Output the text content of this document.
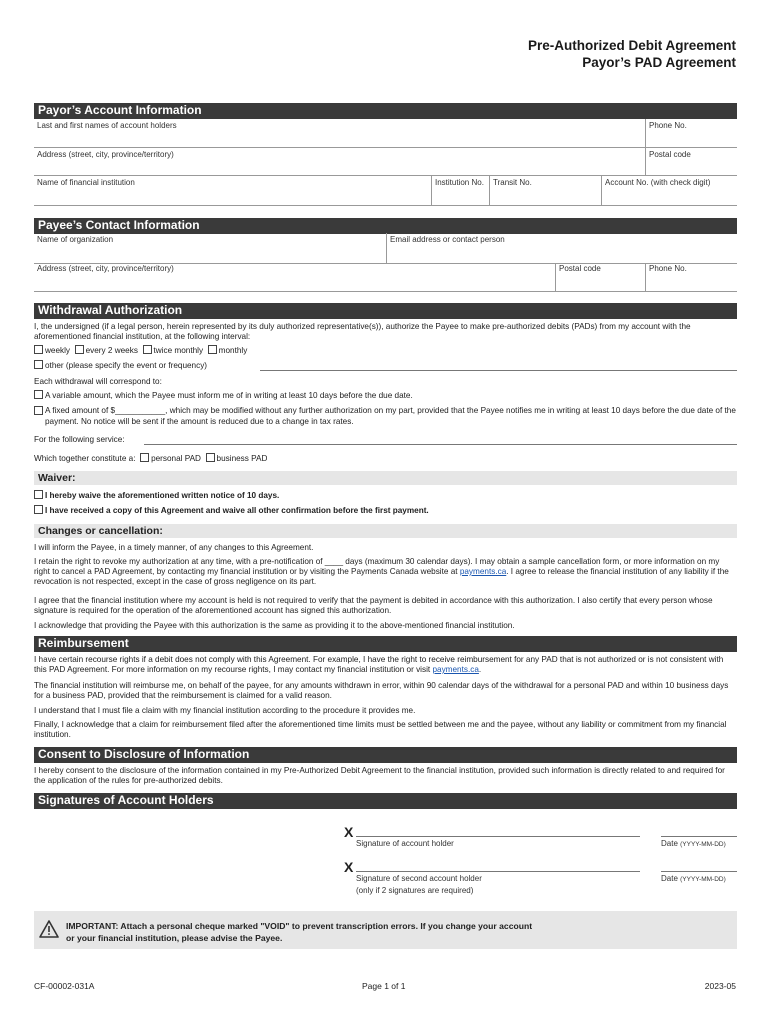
Pre-Authorized Debit Agreement
Payor’s PAD Agreement
Payor’s Account Information
Last and first names of account holders	Phone No.
Address (street, city, province/territory)	Postal code
Name of financial institution	Institution No. Transit No.	Account No. (with check digit)
Payee’s Contact Information
Name of organization	Email address or contact person
Address (street, city, province/territory)	Postal code	Phone No.
Withdrawal Authorization
I, the undersigned (if a legal person, herein represented by its duly authorized representative(s)), authorize the Payee to make pre-authorized debits (PADs) from my account with the aforementioned financial institution, at the following interval:
weekly every 2 weeks twice monthly monthly
other (please specify the event or frequency)
Each withdrawal will correspond to:
A variable amount, which the Payee must inform me of in writing at least 10 days before the due date.
A fixed amount of $___________, which may be modified without any further authorization on my part, provided that the Payee notifies me in writing at least 10 days before the due date of the payment. No notice will be sent if the amount is reduced due to a change in tax rates.
For the following service:
Which together constitute a: personal PAD business PAD
Waiver:
I hereby waive the aforementioned written notice of 10 days.
I have received a copy of this Agreement and waive all other confirmation before the first payment.
Changes or cancellation:
I will inform the Payee, in a timely manner, of any changes to this Agreement.
I retain the right to revoke my authorization at any time, with a pre-notification of ____ days (maximum 30 calendar days). I may obtain a sample cancellation form, or more information on my right to cancel a PAD Agreement, by contacting my financial institution or by visiting the Payments Canada website at payments.ca. I agree to release the financial institution of any liability if the revocation is not respected, except in the case of gross negligence on its part.
I agree that the financial institution where my account is held is not required to verify that the payment is debited in accordance with this authorization. I also certify that every person whose signature is required for the operation of the aforementioned account has signed this authorization.
I acknowledge that providing the Payee with this authorization is the same as providing it to the above-mentioned financial institution.
Reimbursement
I have certain recourse rights if a debit does not comply with this Agreement. For example, I have the right to receive reimbursement for any PAD that is not authorized or is not consistent with this PAD Agreement. For more information on my recourse rights, I may contact my financial institution or visit payments.ca.
The financial institution will reimburse me, on behalf of the payee, for any amounts withdrawn in error, within 90 calendar days of the withdrawal for a personal PAD and within 10 business days for a business PAD, provided that the reimbursement is claimed for a valid reason.
I understand that I must file a claim with my financial institution according to the procedure it provides me.
Finally, I acknowledge that a claim for reimbursement filed after the aforementioned time limits must be settled between me and the payee, without any liability or commitment from my financial institution.
Consent to Disclosure of Information
I hereby consent to the disclosure of the information contained in my Pre-Authorized Debit Agreement to the financial institution, provided such information is directly related to and required for the application of the rules for pre-authorized debits.
Signatures of Account Holders
X
Signature of account holder	Date (YYYY-MM-DD)
X
Signature of second account holder
(only if 2 signatures are required)
Date (YYYY-MM-DD)
IMPORTANT: Attach a personal cheque marked "VOID" to prevent transcription errors. If you change your account
or your financial institution, please advise the Payee.
CF-00002-031A	Page 1 of 1	2023-05
